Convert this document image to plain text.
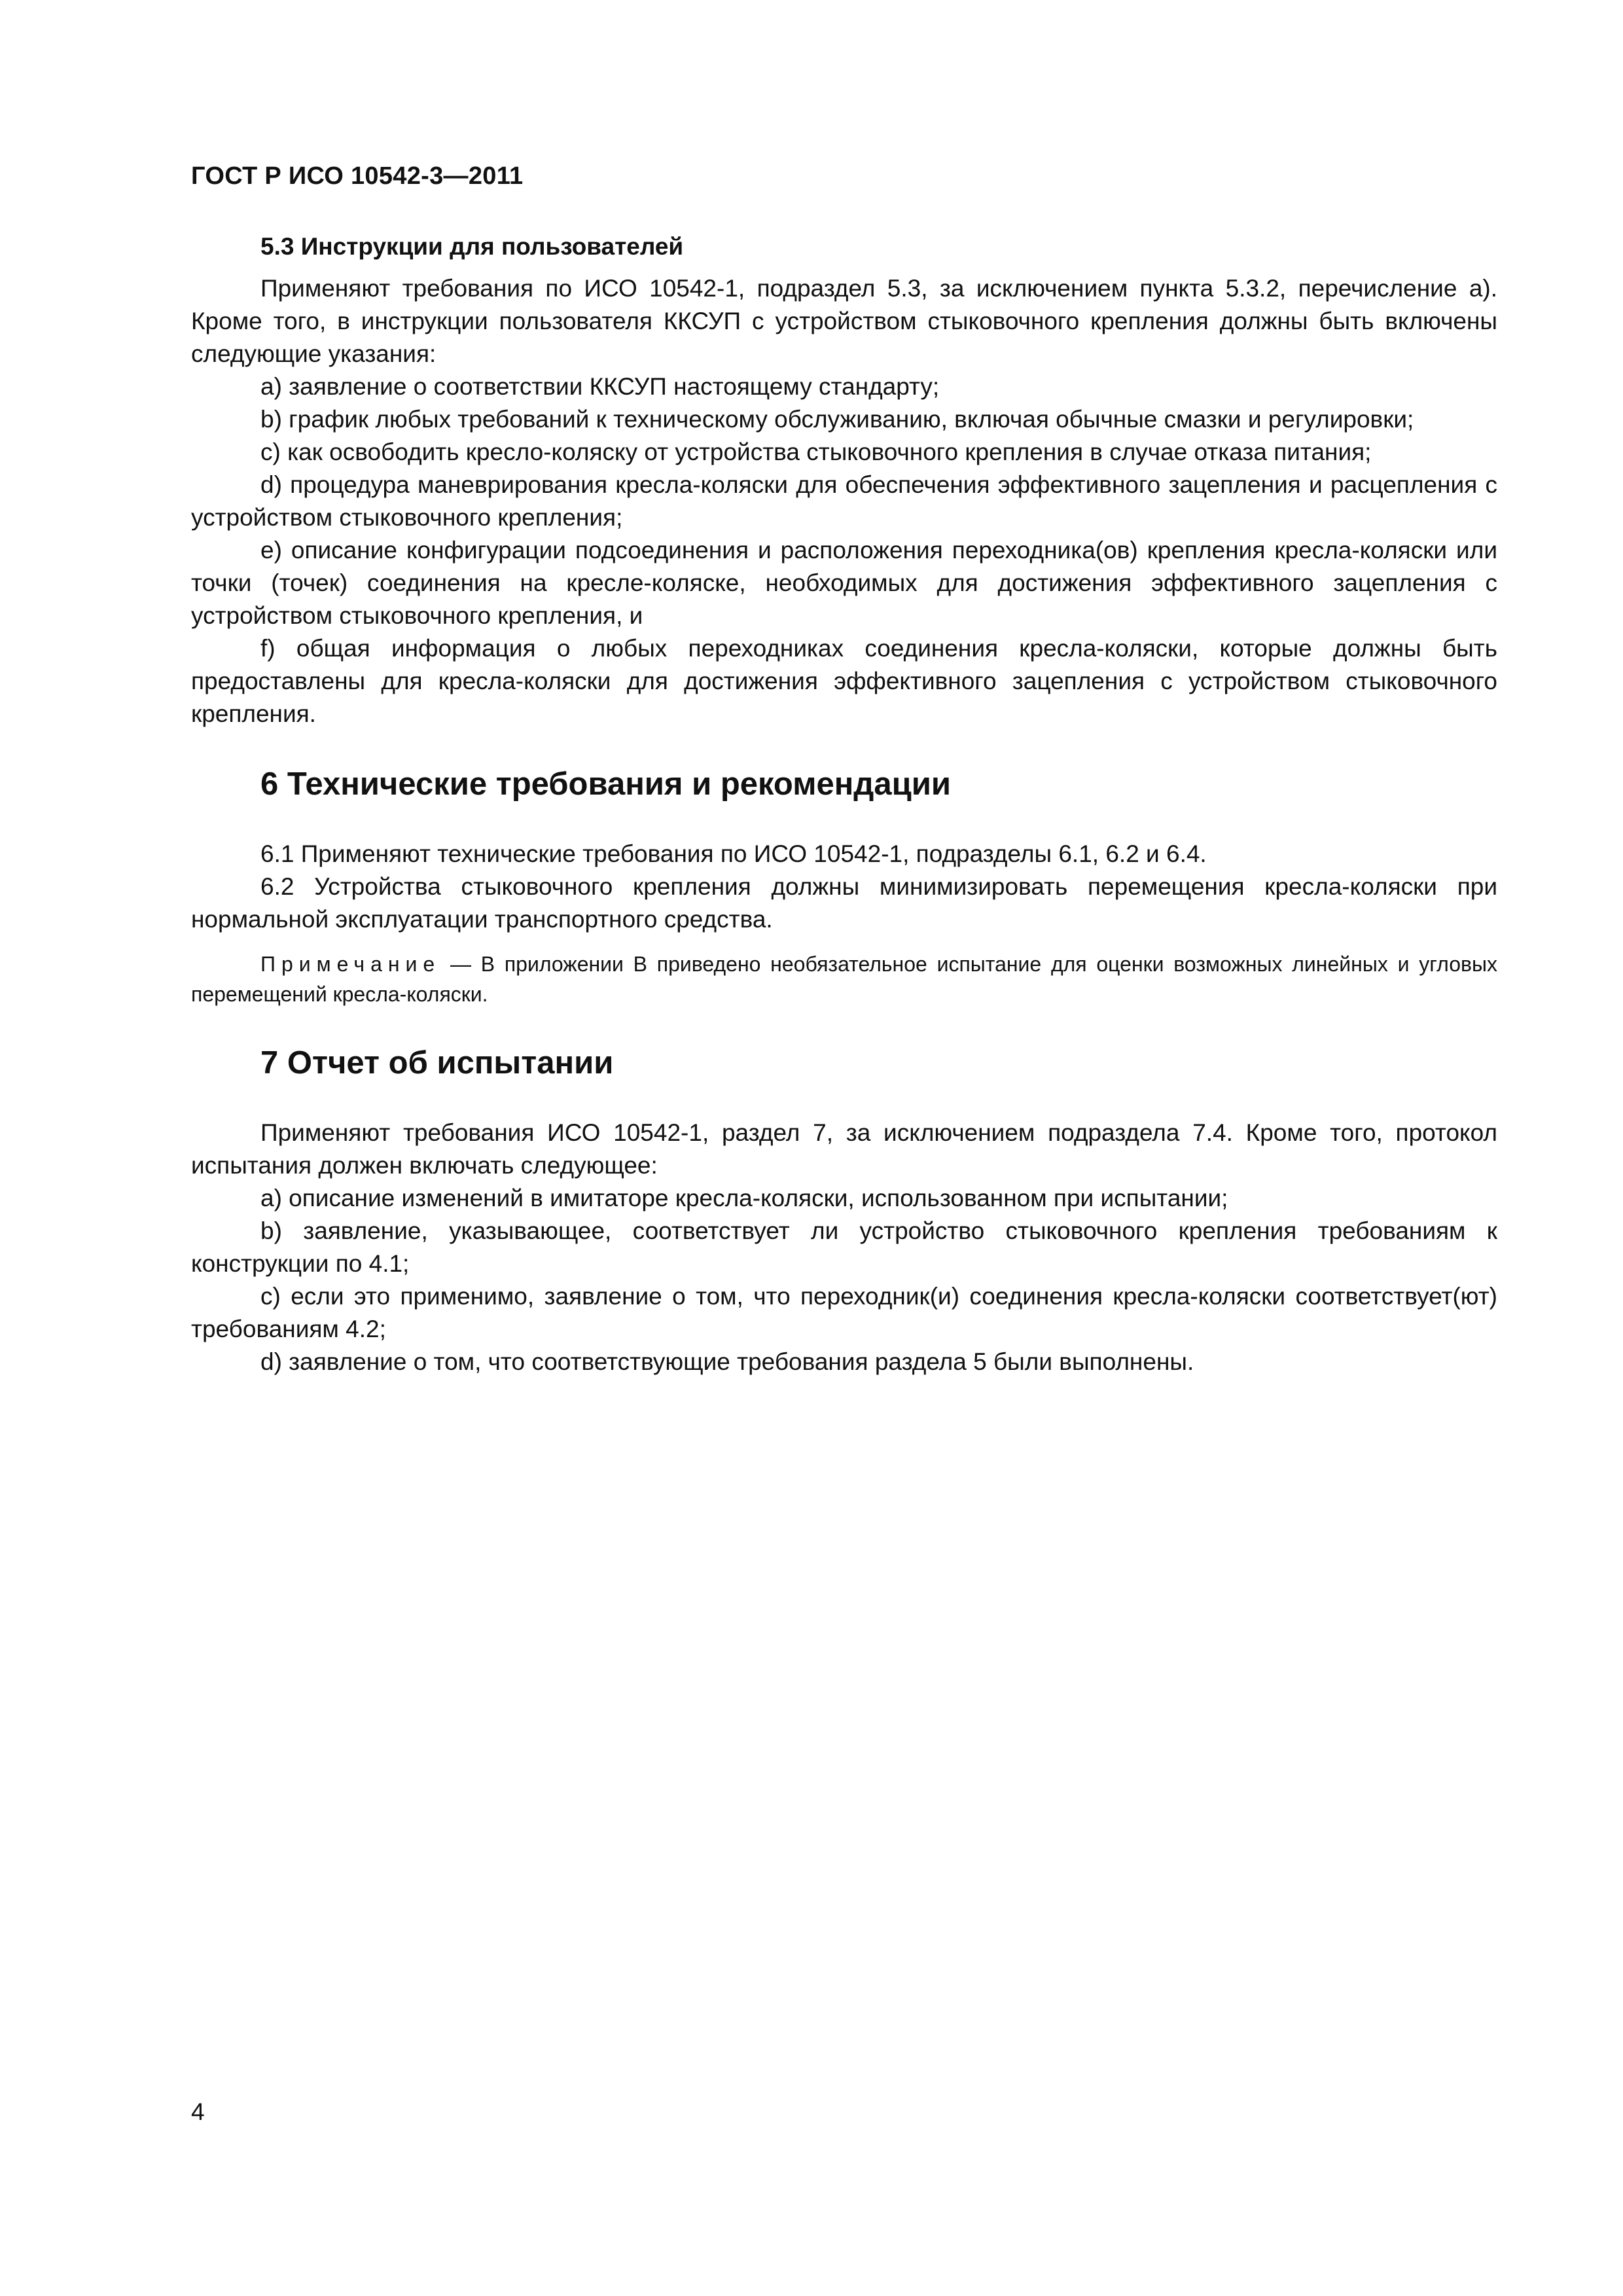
ГОСТ Р ИСО 10542-3—2011
5.3 Инструкции для пользователей

Применяют требования по ИСО 10542-1, подраздел 5.3, за исключением пункта 5.3.2, перечисление а). Кроме того, в инструкции пользователя ККСУП с устройством стыковочного крепления должны быть включены следующие указания:

a) заявление о соответствии ККСУП настоящему стандарту;

b) график любых требований к техническому обслуживанию, включая обычные смазки и регулировки;

c) как освободить кресло-коляску от устройства стыковочного крепления в случае отказа питания;

d) процедура маневрирования кресла-коляски для обеспечения эффективного зацепления и расцепления с устройством стыковочного крепления;

e) описание конфигурации подсоединения и расположения переходника(ов) крепления кресла-коляски или точки (точек) соединения на кресле-коляске, необходимых для достижения эффективного зацепления с устройством стыковочного крепления, и

f) общая информация о любых переходниках соединения кресла-коляски, которые должны быть предоставлены для кресла-коляски для достижения эффективного зацепления с устройством стыковочного крепления.

6 Технические требования и рекомендации

6.1 Применяют технические требования по ИСО 10542-1, подразделы 6.1, 6.2 и 6.4.

6.2 Устройства стыковочного крепления должны минимизировать перемещения кресла-коляски при нормальной эксплуатации транспортного средства.

Примечание — В приложении В приведено необязательное испытание для оценки возможных линейных и угловых перемещений кресла-коляски.
7 Отчет об испытании

Применяют требования ИСО 10542-1, раздел 7, за исключением подраздела 7.4. Кроме того, протокол испытания должен включать следующее:

a) описание изменений в имитаторе кресла-коляски, использованном при испытании;

b) заявление, указывающее, соответствует ли устройство стыковочного крепления требованиям к конструкции по 4.1;

c) если это применимо, заявление о том, что переходник(и) соединения кресла-коляски соответствует(ют) требованиям 4.2;

d) заявление о том, что соответствующие требования раздела 5 были выполнены.

4
